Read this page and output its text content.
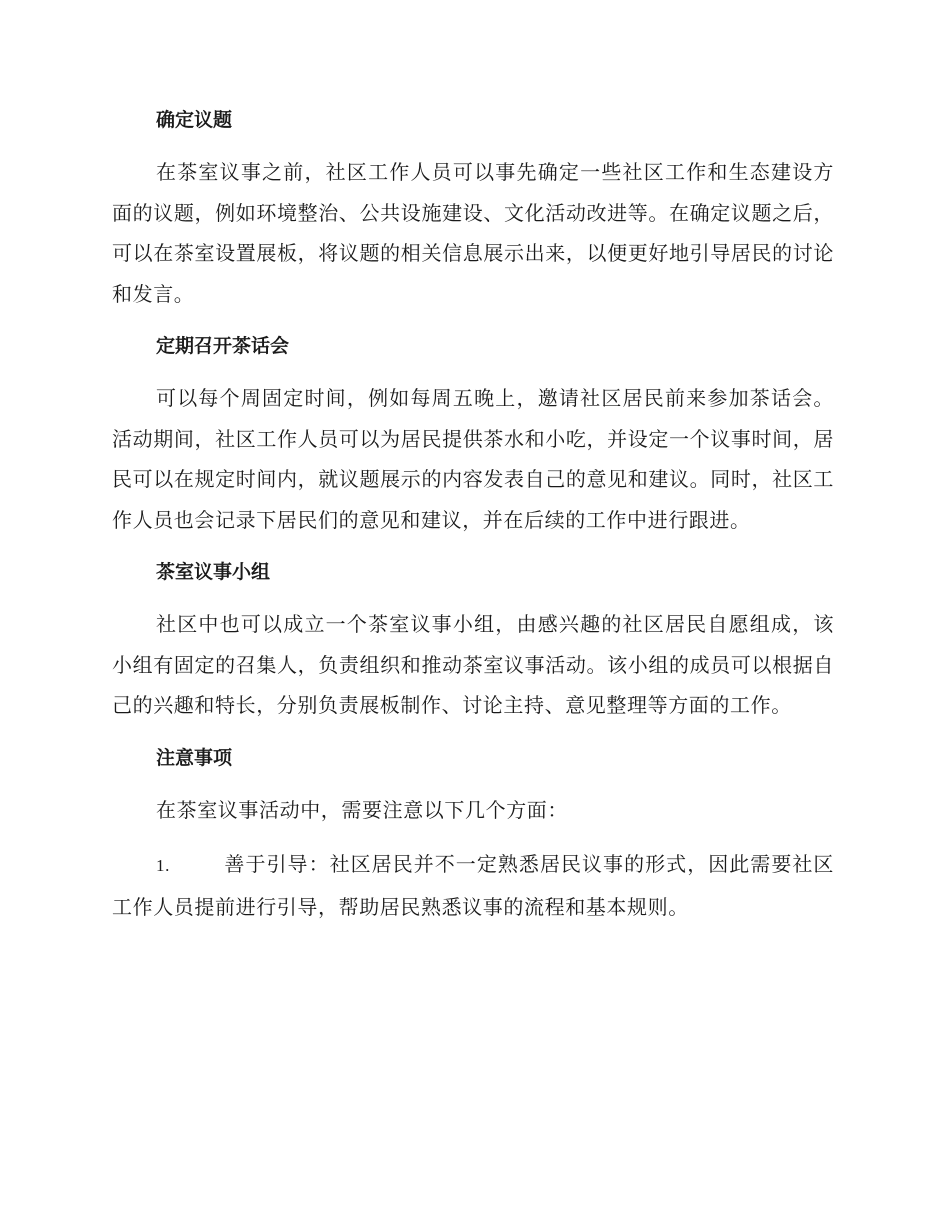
确定议题

在茶室议事之前，社区工作人员可以事先确定一些社区工作和生态建设方面的议题，例如环境整治、公共设施建设、文化活动改进等。在确定议题之后，可以在茶室设置展板，将议题的相关信息展示出来，以便更好地引导居民的讨论和发言。

定期召开茶话会

可以每个周固定时间，例如每周五晚上，邀请社区居民前来参加茶话会。活动期间，社区工作人员可以为居民提供茶水和小吃，并设定一个议事时间，居民可以在规定时间内，就议题展示的内容发表自己的意见和建议。同时，社区工作人员也会记录下居民们的意见和建议，并在后续的工作中进行跟进。

茶室议事小组

社区中也可以成立一个茶室议事小组，由感兴趣的社区居民自愿组成，该小组有固定的召集人，负责组织和推动茶室议事活动。该小组的成员可以根据自己的兴趣和特长，分别负责展板制作、讨论主持、意见整理等方面的工作。

注意事项

在茶室议事活动中，需要注意以下几个方面：

1.	善于引导：社区居民并不一定熟悉居民议事的形式，因此需要社区工作人员提前进行引导，帮助居民熟悉议事的流程和基本规则。
